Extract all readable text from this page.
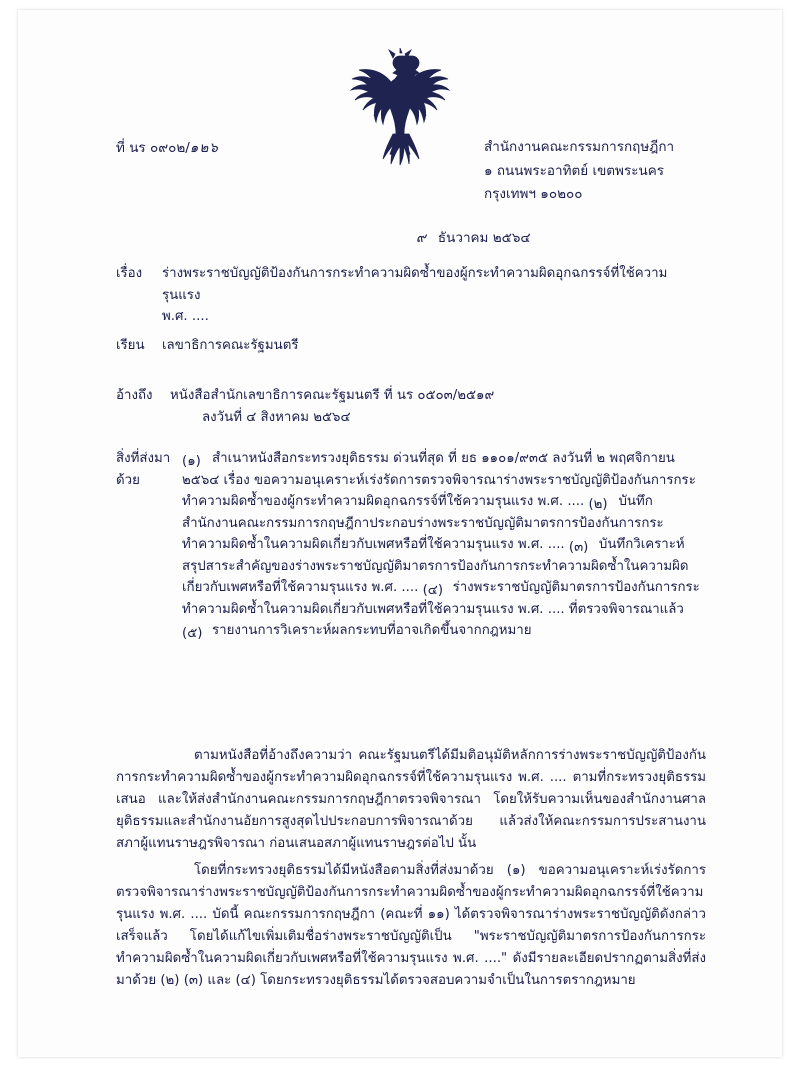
ที่ นร ๐๙๐๒/๑๒๖	สำนักงานคณะกรรมการกฤษฎีกา
๑ ถนนพระอาทิตย์ เขตพระนคร
กรุงเทพฯ ๑๐๒๐๐
๙ ธันวาคม ๒๕๖๔
เรื่อง ร่างพระราชบัญญัติป้องกันการกระทำความผิดซ้ำของผู้กระทำความผิดอุกฉกรรจ์ที่ใช้ความรุนแรง
พ.ศ. ....
เรียน เลขาธิการคณะรัฐมนตรี
อ้างถึง หนังสือสำนักเลขาธิการคณะรัฐมนตรี ที่ นร ๐๕๐๓/๒๕๑๙
ลงวันที่ ๔ สิงหาคม ๒๕๖๔
สิ่งที่ส่งมาด้วย
(๑) สำเนาหนังสือกระทรวงยุติธรรม ด่วนที่สุด ที่ ยธ ๑๑๐๑/๙๓๕ ลงวันที่ ๒ พฤศจิกายน ๒๕๖๔ เรื่อง ขอความอนุเคราะห์เร่งรัดการตรวจพิจารณาร่างพระราชบัญญัติป้องกันการกระทำความผิดซ้ำของผู้กระทำความผิดอุกฉกรรจ์ที่ใช้ความรุนแรง พ.ศ. .... (๒) บันทึกสำนักงานคณะกรรมการกฤษฎีกาประกอบร่างพระราชบัญญัติมาตรการป้องกันการกระทำความผิดซ้ำในความผิดเกี่ยวกับเพศหรือที่ใช้ความรุนแรง พ.ศ. .... (๓) บันทึกวิเคราะห์สรุปสาระสำคัญของร่างพระราชบัญญัติมาตรการป้องกันการกระทำความผิดซ้ำในความผิดเกี่ยวกับเพศหรือที่ใช้ความรุนแรง พ.ศ. .... (๔) ร่างพระราชบัญญัติมาตรการป้องกันการกระทำความผิดซ้ำในความผิดเกี่ยวกับเพศหรือที่ใช้ความรุนแรง พ.ศ. .... ที่ตรวจพิจารณาแล้ว
(๕) รายงานการวิเคราะห์ผลกระทบที่อาจเกิดขึ้นจากกฎหมาย
ตามหนังสือที่อ้างถึงความว่า คณะรัฐมนตรีได้มีมติอนุมัติหลักการร่างพระราชบัญญัติป้องกันการกระทำความผิดซ้ำของผู้กระทำความผิดอุกฉกรรจ์ที่ใช้ความรุนแรง พ.ศ. .... ตามที่กระทรวงยุติธรรมเสนอ และให้ส่งสำนักงานคณะกรรมการกฤษฎีกาตรวจพิจารณา โดยให้รับความเห็นของสำนักงานศาลยุติธรรมและสำนักงานอัยการสูงสุดไปประกอบการพิจารณาด้วย แล้วส่งให้คณะกรรมการประสานงานสภาผู้แทนราษฎรพิจารณา ก่อนเสนอสภาผู้แทนราษฎรต่อไป นั้น
โดยที่กระทรวงยุติธรรมได้มีหนังสือตามสิ่งที่ส่งมาด้วย (๑) ขอความอนุเคราะห์เร่งรัดการตรวจพิจารณาร่างพระราชบัญญัติป้องกันการกระทำความผิดซ้ำของผู้กระทำความผิดอุกฉกรรจ์ที่ใช้ความรุนแรง พ.ศ. .... บัดนี้ คณะกรรมการกฤษฎีกา (คณะที่ ๑๑) ได้ตรวจพิจารณาร่างพระราชบัญญัติดังกล่าวเสร็จแล้ว โดยได้แก้ไขเพิ่มเติมชื่อร่างพระราชบัญญัติเป็น "พระราชบัญญัติมาตรการป้องกันการกระทำความผิดซ้ำในความผิดเกี่ยวกับเพศหรือที่ใช้ความรุนแรง พ.ศ. ...." ดังมีรายละเอียดปรากฏตามสิ่งที่ส่งมาด้วย (๒) (๓) และ (๔) โดยกระทรวงยุติธรรมได้ตรวจสอบความจำเป็นในการตรากฎหมาย
